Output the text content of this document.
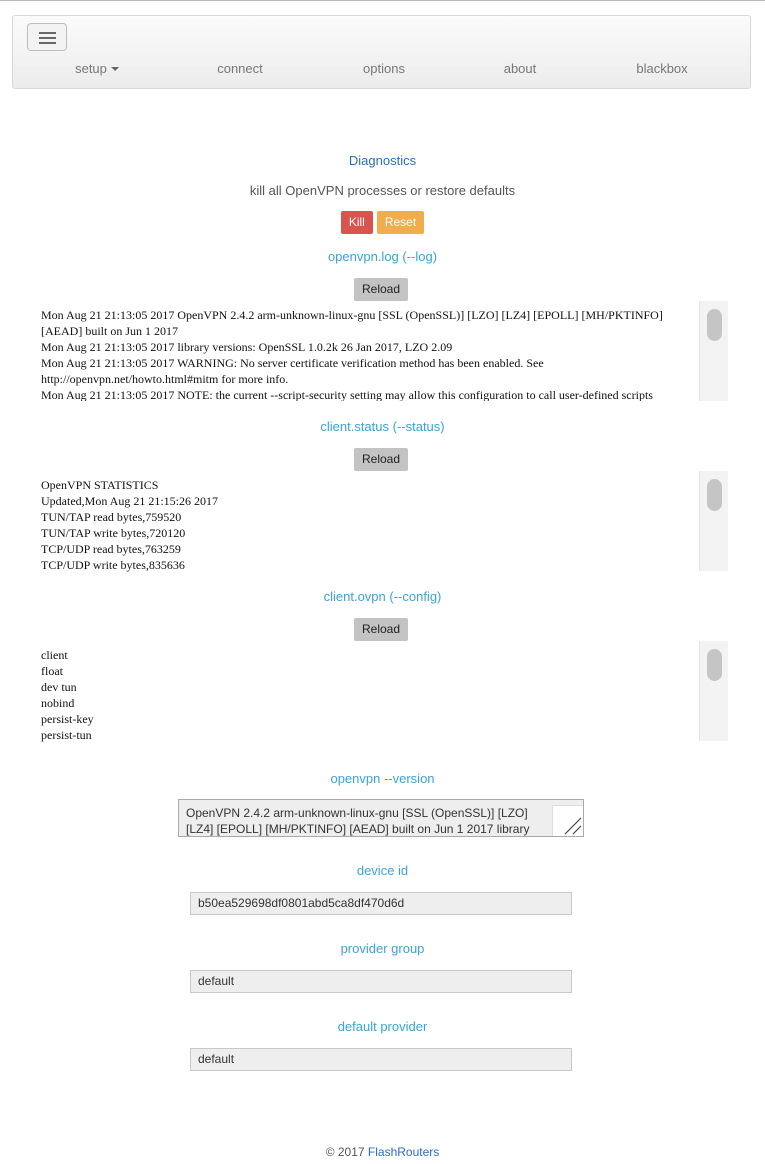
setup	connect	options	about	blackbox
Diagnostics
kill all OpenVPN processes or restore defaults
Kill Reset
openvpn.log (--log)
Reload
Mon Aug 21 21:13:05 2017 OpenVPN 2.4.2 arm-unknown-linux-gnu [SSL (OpenSSL)] [LZO] [LZ4] [EPOLL] [MH/PKTINFO]
[AEAD] built on Jun 1 2017
Mon Aug 21 21:13:05 2017 library versions: OpenSSL 1.0.2k 26 Jan 2017, LZO 2.09
Mon Aug 21 21:13:05 2017 WARNING: No server certificate verification method has been enabled. See
http://openvpn.net/howto.html#mitm for more info.
Mon Aug 21 21:13:05 2017 NOTE: the current --script-security setting may allow this configuration to call user-defined scripts
client.status (--status)
Reload
OpenVPN STATISTICS
Updated,Mon Aug 21 21:15:26 2017
TUN/TAP read bytes,759520
TUN/TAP write bytes,720120
TCP/UDP read bytes,763259
TCP/UDP write bytes,835636
client.ovpn (--config)
Reload
client
float
dev tun
nobind
persist-key
persist-tun
openvpn --version
OpenVPN 2.4.2 arm-unknown-linux-gnu [SSL (OpenSSL)] [LZO] [LZ4] [EPOLL] [MH/PKTINFO] [AEAD] built on Jun 1 2017 library
device id
b50ea529698df0801abd5ca8df470d6d
provider group
default
default provider
default
© 2017 FlashRouters
